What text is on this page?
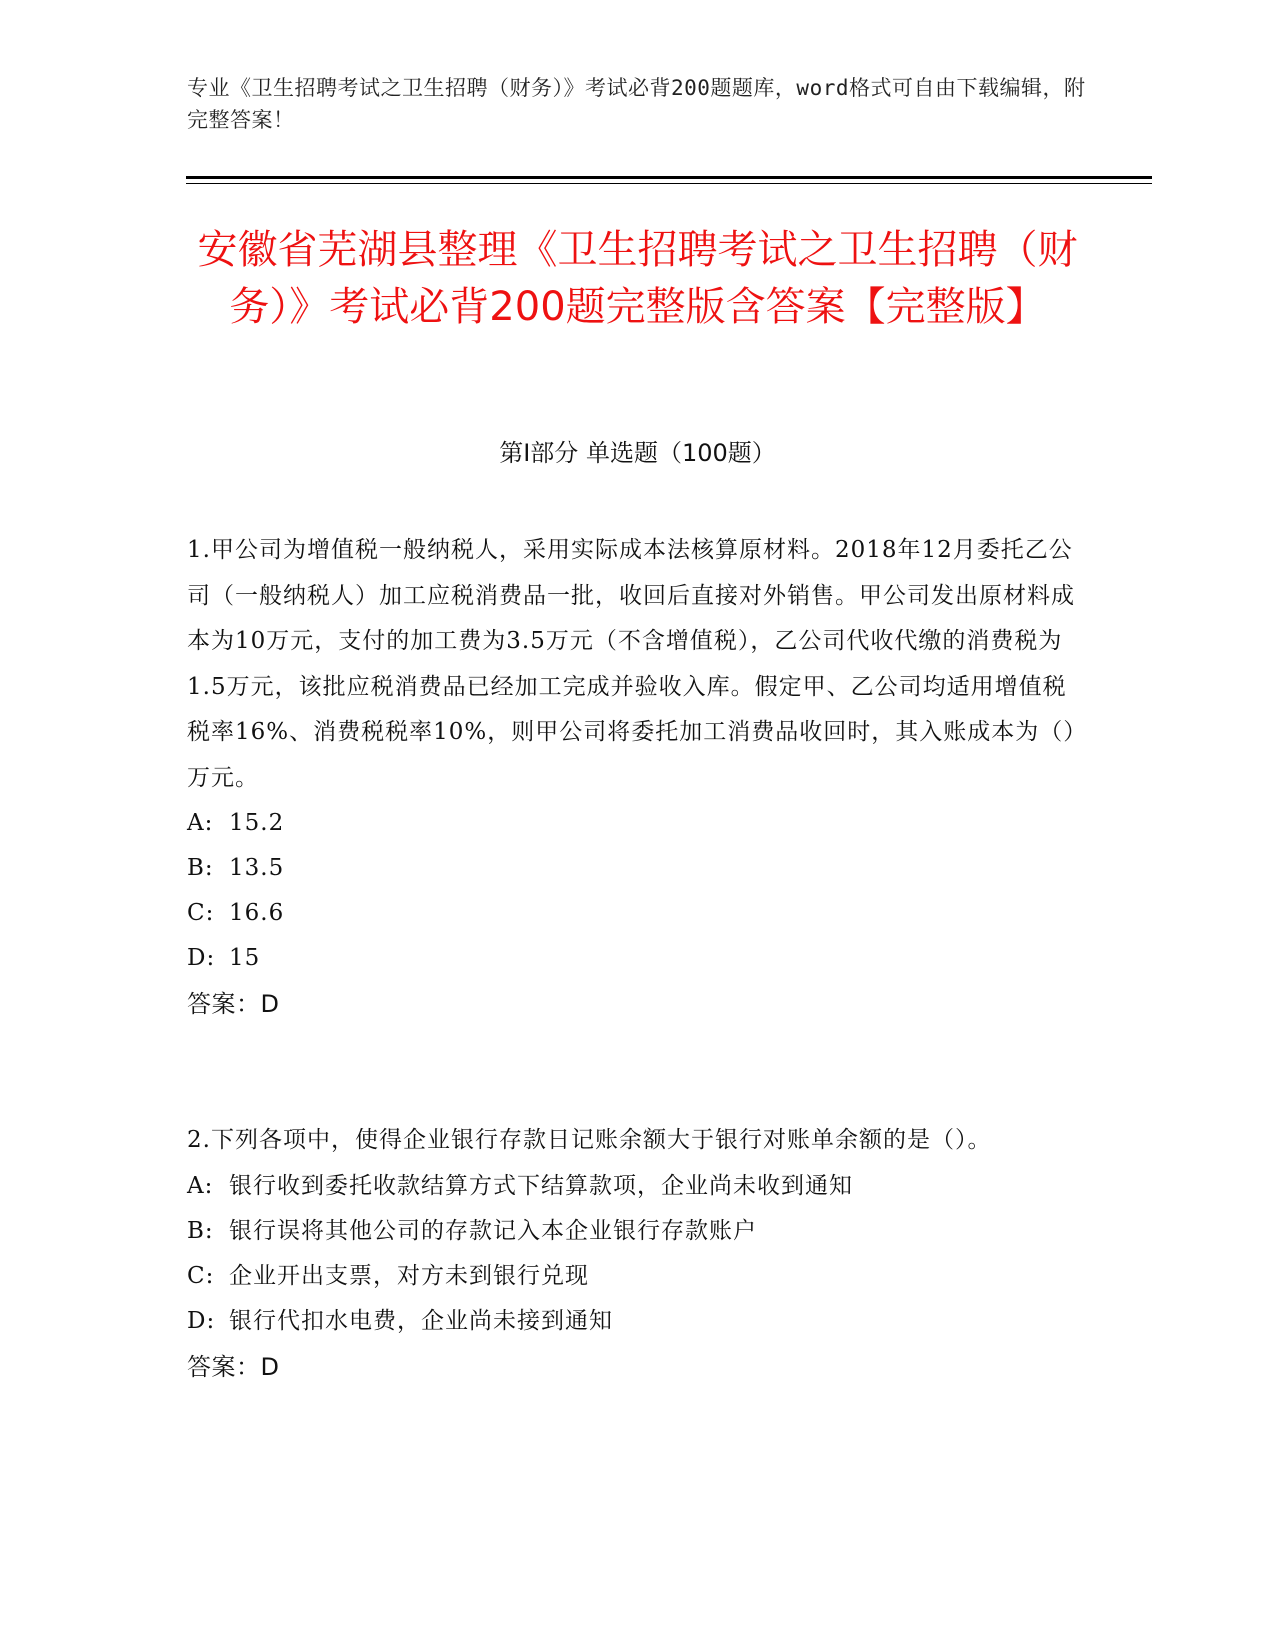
专业《卫生招聘考试之卫生招聘（财务）》考试必背200题题库，word格式可自由下载编辑，附完整答案！
安徽省芜湖县整理《卫生招聘考试之卫生招聘（财务）》考试必背200题完整版含答案【完整版】
第Ⅰ部分 单选题（100题）

1.甲公司为增值税一般纳税人，采用实际成本法核算原材料。2018年12月委托乙公司（一般纳税人）加工应税消费品一批，收回后直接对外销售。甲公司发出原材料成本为10万元，支付的加工费为3.5万元（不含增值税），乙公司代收代缴的消费税为1.5万元，该批应税消费品已经加工完成并验收入库。假定甲、乙公司均适用增值税税率16%、消费税税率10%，则甲公司将委托加工消费品收回时，其入账成本为（）万元。

A: 15.2

B: 13.5

C: 16.6

D: 15

答案：D

2.下列各项中，使得企业银行存款日记账余额大于银行对账单余额的是（）。

A: 银行收到委托收款结算方式下结算款项，企业尚未收到通知

B: 银行误将其他公司的存款记入本企业银行存款账户

C: 企业开出支票，对方未到银行兑现

D: 银行代扣水电费，企业尚未接到通知

答案：D
